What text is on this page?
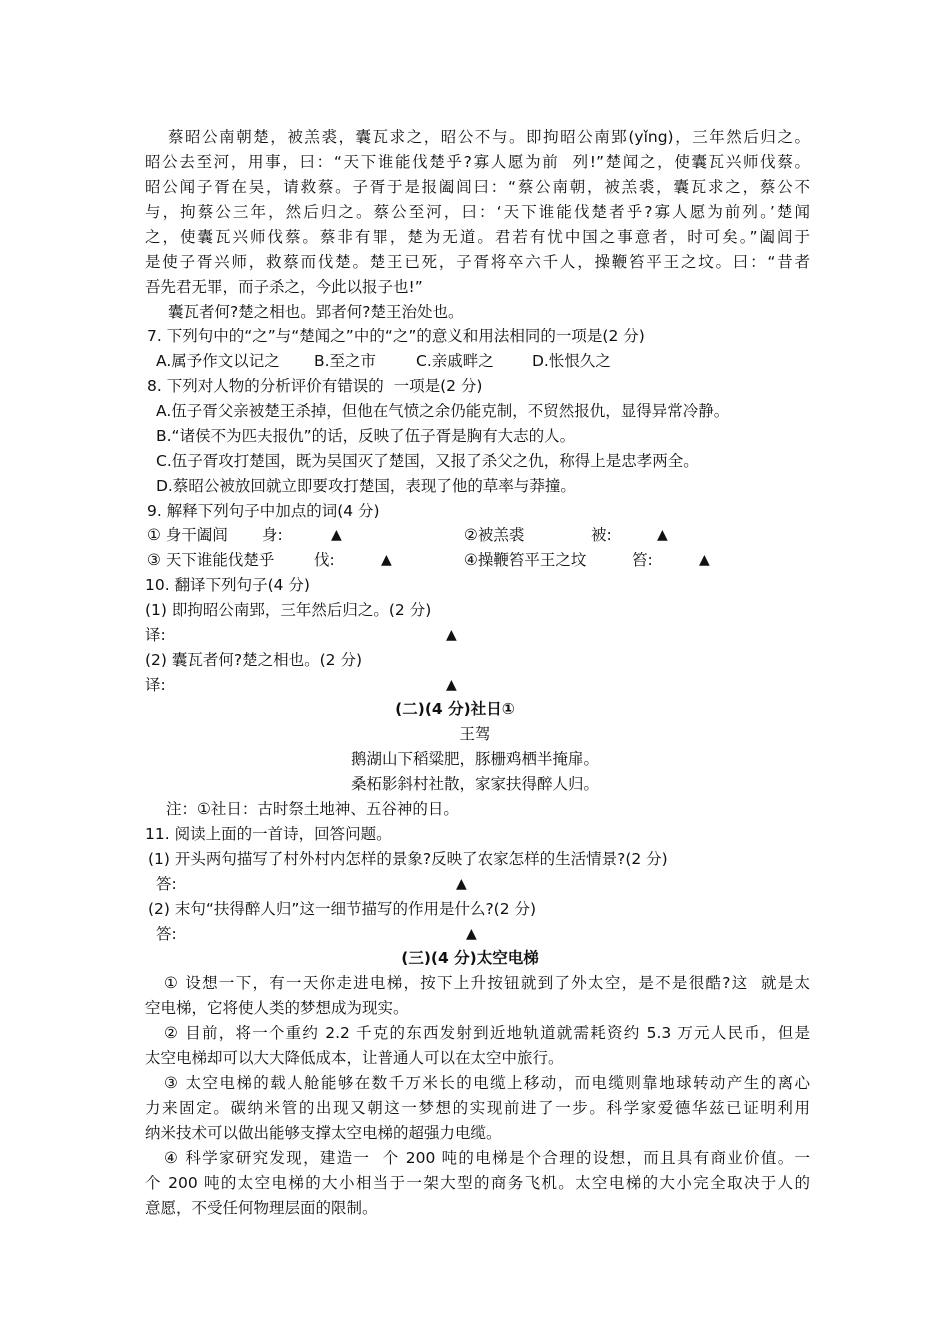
蔡昭公南朝楚，被羔裘，囊瓦求之，昭公不与。即拘昭公南郢(yǐng)，三年然后归之。
昭公去至河，用事，曰：“天下谁能伐楚乎?寡人愿为前  列!”楚闻之，使囊瓦兴师伐蔡。
昭公闻子胥在吴，请救蔡。子胥于是报阖闾曰：“蔡公南朝，被羔裘，囊瓦求之，蔡公不
与，拘蔡公三年，然后归之。蔡公至河，曰：‘天下谁能伐楚者乎?寡人愿为前列。’楚闻
之，使囊瓦兴师伐蔡。蔡非有罪，楚为无道。君若有忧中国之事意者，时可矣。”阖闾于
是使子胥兴师，救蔡而伐楚。楚王已死，子胥将卒六千人，操鞭笞平王之坟。曰：“昔者
吾先君无罪，而子杀之，今此以报子也!”
囊瓦者何?楚之相也。郢者何?楚王治处也。
7. 下列句中的“之”与“楚闻之”中的“之”的意义和用法相同的一项是(2 分)
A.属予作文以记之 B.至之市	C.亲戚畔之 D.怅恨久之
8. 下列对人物的分析评价有错误的  一项是(2 分)
A.伍子胥父亲被楚王杀掉，但他在气愤之余仍能克制，不贸然报仇，显得异常冷静。
B.“诸侯不为匹夫报仇”的话，反映了伍子胥是胸有大志的人。
C.伍子胥攻打楚国，既为吴国灭了楚国，又报了杀父之仇，称得上是忠孝两全。
D.蔡昭公被放回就立即要攻打楚国，表现了他的草率与莽撞。
9. 解释下列句子中加点的词(4 分)
① 身干阖闾 身:	▲	②被羔裘	被:	▲
③ 天下谁能伐楚乎	伐:	▲	④操鞭笞平王之坟	笞:	▲
10. 翻译下列句子(4 分)
(1) 即拘昭公南郢，三年然后归之。(2 分)
译:	▲
(2) 囊瓦者何?楚之相也。(2 分)
译:	▲
(二)(4 分)社日①
王驾
鹅湖山下稻粱肥，豚栅鸡栖半掩扉。
桑柘影斜村社散，家家扶得醉人归。
注：①社日：古时祭土地神、五谷神的日。
11. 阅读上面的一首诗，回答问题。
(1) 开头两句描写了村外村内怎样的景象?反映了农家怎样的生活情景?(2 分)
答:	▲
(2) 末句“扶得醉人归”这一细节描写的作用是什么?(2 分)
答:	▲
(三)(4 分)太空电梯
① 设想一下，有一天你走进电梯，按下上升按钮就到了外太空，是不是很酷?这  就是太
空电梯，它将使人类的梦想成为现实。
② 目前，将一个重约 2.2 千克的东西发射到近地轨道就需耗资约 5.3 万元人民币，但是
太空电梯却可以大大降低成本，让普通人可以在太空中旅行。
③ 太空电梯的载人舱能够在数千万米长的电缆上移动，而电缆则靠地球转动产生的离心
力来固定。碳纳米管的出现又朝这一梦想的实现前进了一步。科学家爱德华兹已证明利用
纳米技术可以做出能够支撑太空电梯的超强力电缆。
④ 科学家研究发现，建造一  个 200 吨的电梯是个合理的设想，而且具有商业价值。一
个 200 吨的太空电梯的大小相当于一架大型的商务飞机。太空电梯的大小完全取决于人的
意愿，不受任何物理层面的限制。
